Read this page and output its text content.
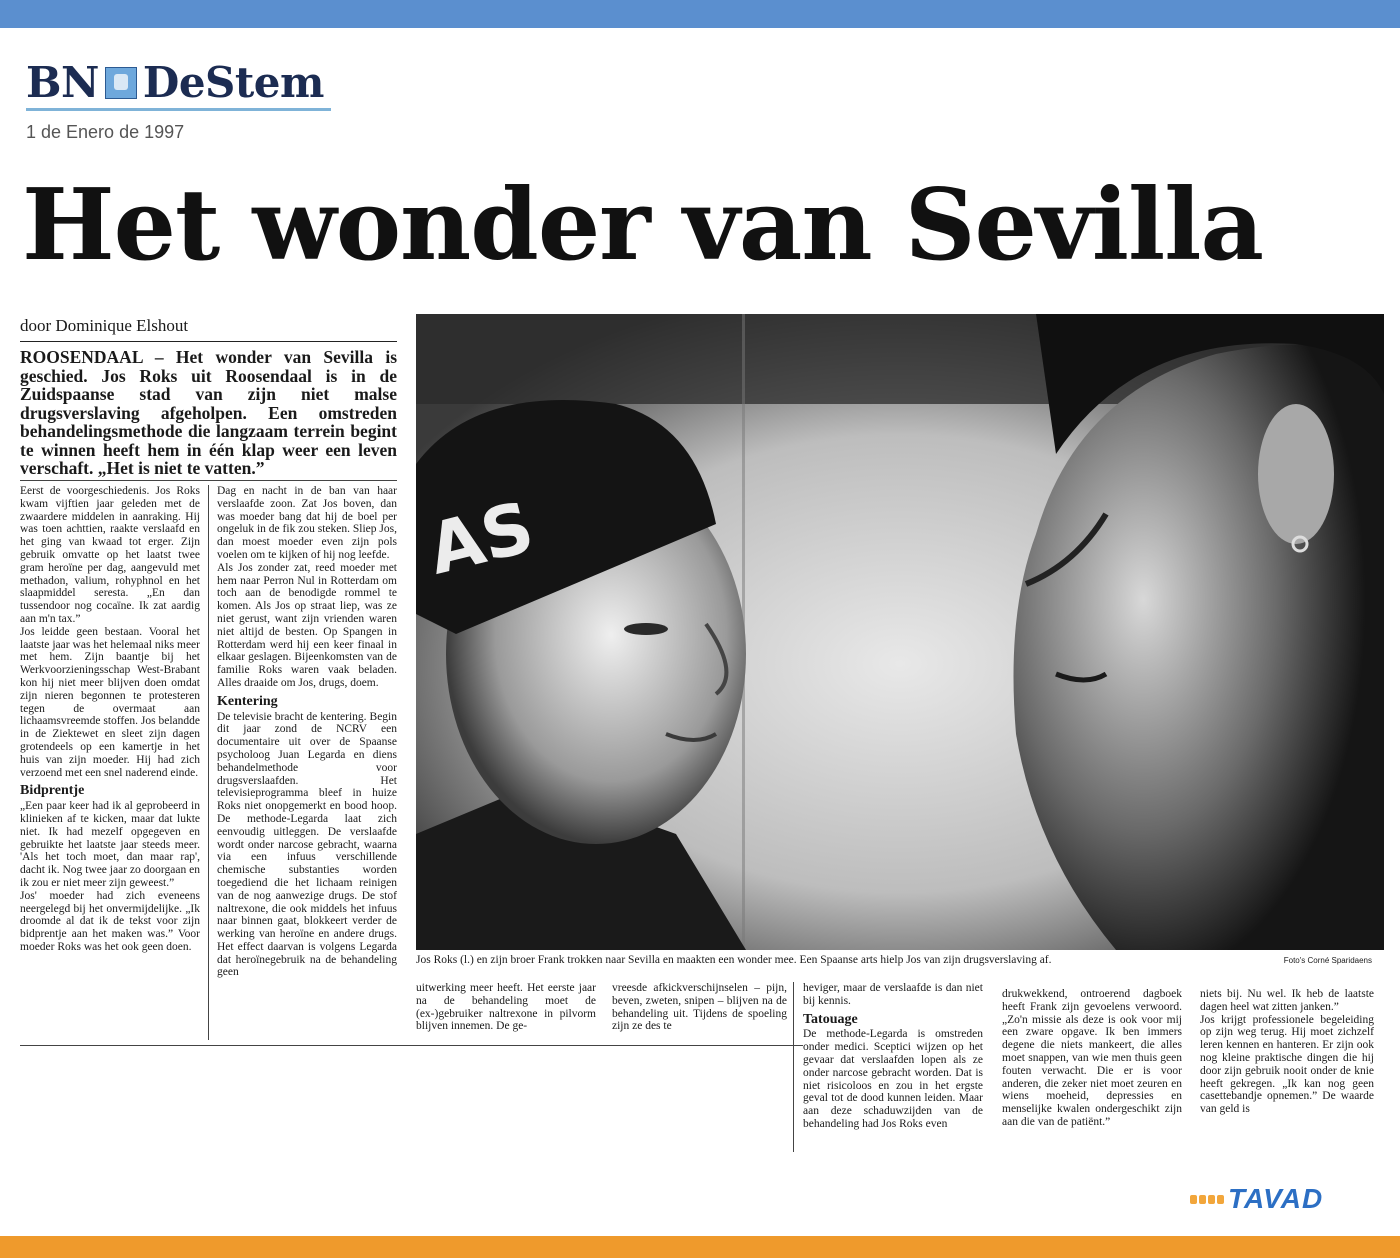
BN DeStem
1 de Enero de 1997
Het wonder van Sevilla
door Dominique Elshout
ROOSENDAAL – Het wonder van Sevilla is geschied. Jos Roks uit Roosendaal is in de Zuidspaanse stad van zijn niet malse drugsverslaving afgeholpen. Een omstreden behandelingsmethode die langzaam terrein begint te winnen heeft hem in één klap weer een leven verschaft. „Het is niet te vatten.”

Eerst de voorgeschiedenis. Jos Roks kwam vijftien jaar geleden met de zwaardere middelen in aanraking. Hij was toen achttien, raakte verslaafd en het ging van kwaad tot erger. Zijn gebruik omvatte op het laatst twee gram heroïne per dag, aangevuld met methadon, valium, rohyphnol en het slaapmiddel seresta. „En dan tussendoor nog cocaïne. Ik zat aardig aan m'n tax.”

Jos leidde geen bestaan. Vooral het laatste jaar was het helemaal niks meer met hem. Zijn baantje bij het Werkvoorzieningsschap West-Brabant kon hij niet meer blijven doen omdat zijn nieren begonnen te protesteren tegen de overmaat aan lichaamsvreemde stoffen. Jos belandde in de Ziektewet en sleet zijn dagen grotendeels op een kamertje in het huis van zijn moeder. Hij had zich verzoend met een snel naderend einde.

Bidprentje

„Een paar keer had ik al geprobeerd in klinieken af te kicken, maar dat lukte niet. Ik had mezelf opgegeven en gebruikte het laatste jaar steeds meer. 'Als het toch moet, dan maar rap', dacht ik. Nog twee jaar zo doorgaan en ik zou er niet meer zijn geweest.”

Jos' moeder had zich eveneens neergelegd bij het onvermijdelijke. „Ik droomde al dat ik de tekst voor zijn bidprentje aan het maken was.” Voor moeder Roks was het ook geen doen.

Dag en nacht in de ban van haar verslaafde zoon. Zat Jos boven, dan was moeder bang dat hij de boel per ongeluk in de fik zou steken. Sliep Jos, dan moest moeder even zijn pols voelen om te kijken of hij nog leefde.

Als Jos zonder zat, reed moeder met hem naar Perron Nul in Rotterdam om toch aan de benodigde rommel te komen. Als Jos op straat liep, was ze niet gerust, want zijn vrienden waren niet altijd de besten. Op Spangen in Rotterdam werd hij een keer finaal in elkaar geslagen. Bijeenkomsten van de familie Roks waren vaak beladen. Alles draaide om Jos, drugs, doem.

Kentering

De televisie bracht de kentering. Begin dit jaar zond de NCRV een documentaire uit over de Spaanse psycholoog Juan Legarda en diens behandelmethode voor drugsverslaafden. Het televisieprogramma bleef in huize Roks niet onopgemerkt en bood hoop. De methode-Legarda laat zich eenvoudig uitleggen. De verslaafde wordt onder narcose gebracht, waarna via een infuus verschillende chemische substanties worden toegediend die het lichaam reinigen van de nog aanwezige drugs. De stof naltrexone, die ook middels het infuus naar binnen gaat, blokkeert verder de werking van heroïne en andere drugs. Het effect daarvan is volgens Legarda dat heroïnegebruik na de behandeling geen

AS
Jos Roks (l.) en zijn broer Frank trokken naar Sevilla en maakten een wonder mee. Een Spaanse arts hielp Jos van zijn drugsverslaving af.	Foto's Corné Sparidaens

uitwerking meer heeft. Het eerste jaar na de behandeling moet de (ex-)gebruiker naltrexone in pilvorm blijven innemen. De ge-

vreesde afkickverschijnselen – pijn, beven, zweten, snipen – blijven na de behandeling uit. Tijdens de spoeling zijn ze des te

heviger, maar de verslaafde is dan niet bij kennis.

Tatouage

De methode-Legarda is omstreden onder medici. Sceptici wijzen op het gevaar dat verslaafden lopen als ze onder narcose gebracht worden. Dat is niet risicoloos en zou in het ergste geval tot de dood kunnen leiden. Maar aan deze schaduwzijden van de behandeling had Jos Roks even

drukwekkend, ontroerend dagboek heeft Frank zijn gevoelens verwoord. „Zo'n missie als deze is ook voor mij een zware opgave. Ik ben immers degene die niets mankeert, die alles moet snappen, van wie men thuis geen fouten verwacht. Die er is voor anderen, die zeker niet moet zeuren en wiens moeheid, depressies en menselijke kwalen ondergeschikt zijn aan die van de patiënt.”

niets bij. Nu wel. Ik heb de laatste dagen heel wat zitten janken.”

Jos krijgt professionele begeleiding op zijn weg terug. Hij moet zichzelf leren kennen en hanteren. Er zijn ook nog kleine praktische dingen die hij door zijn gebruik nooit onder de knie heeft gekregen. „Ik kan nog geen casettebandje opnemen.” De waarde van geld is

TAVAD
